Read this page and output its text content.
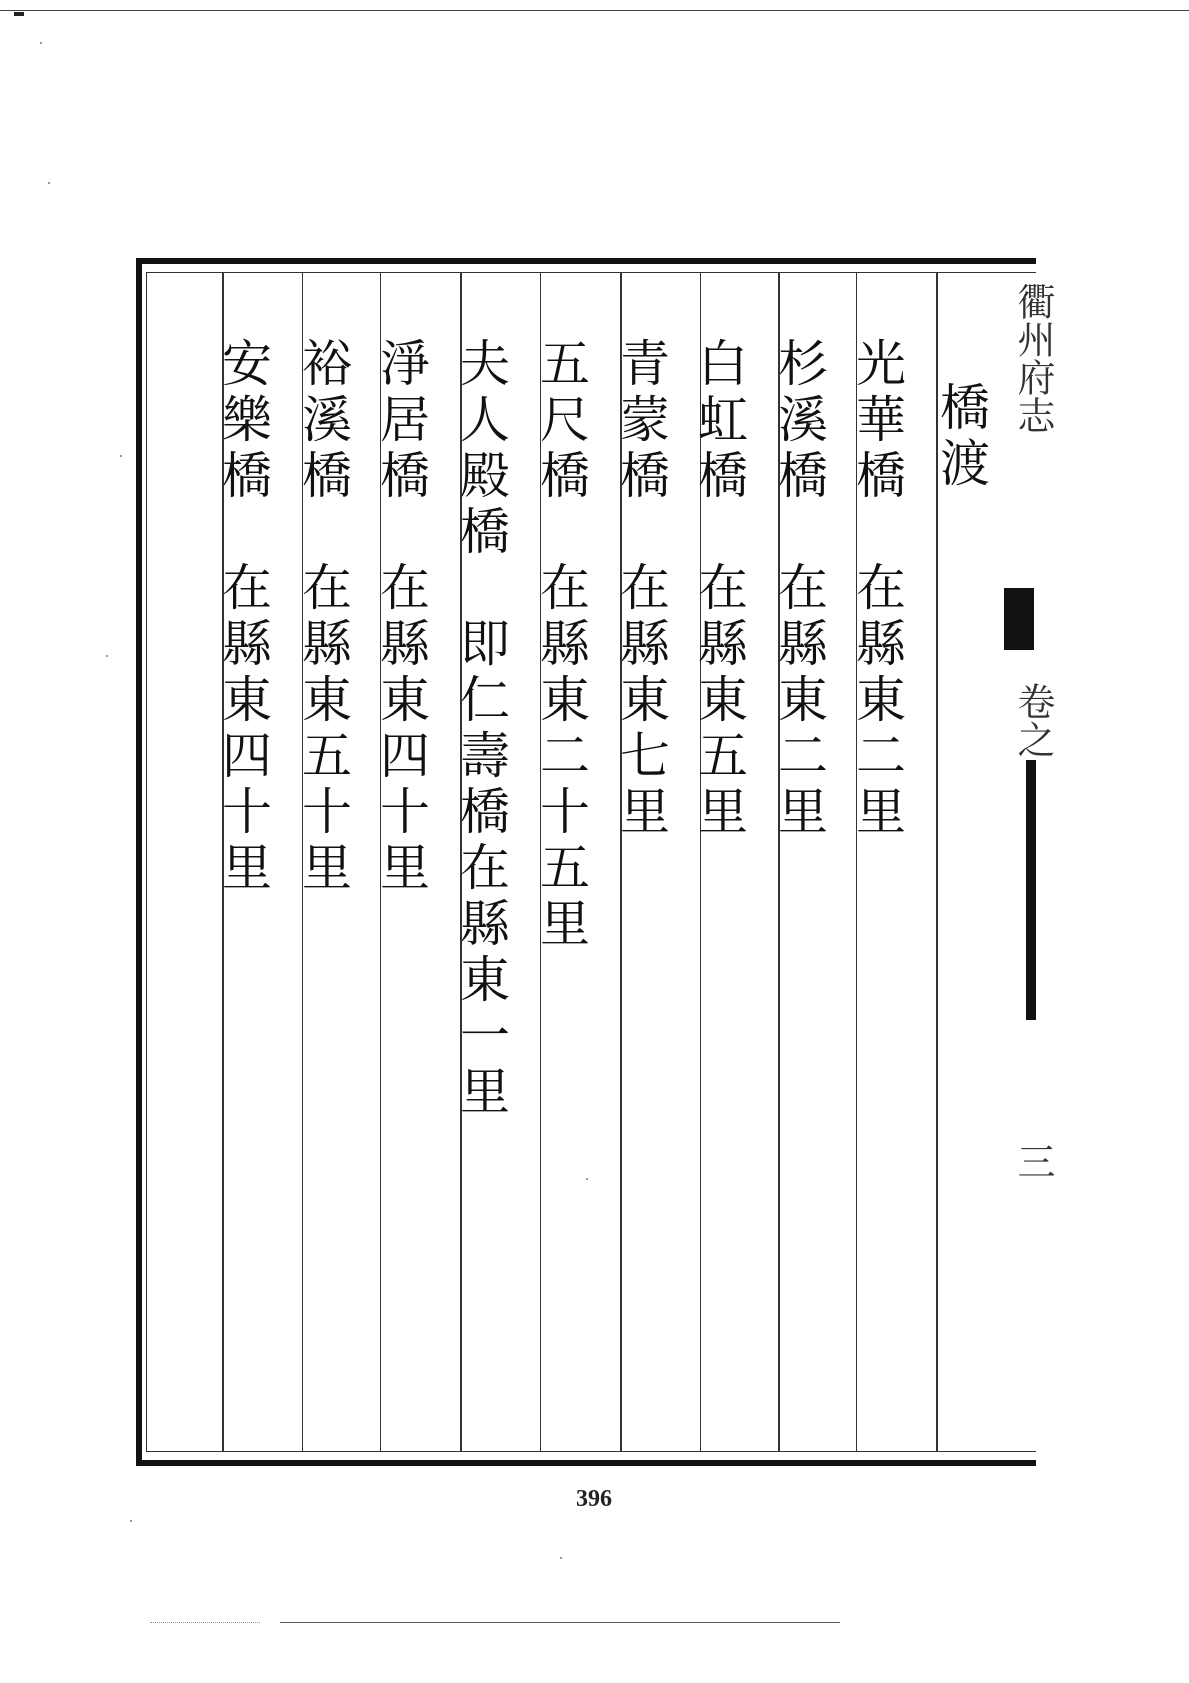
橋
渡
光
華
橋
在
縣
東
二
里
杉
溪
橋
在
縣
東
二
里
白
虹
橋
在
縣
東
五
里
青
蒙
橋
在
縣
東
七
里
五
尺
橋
在
縣
東
二
十
五
里
夫
人
殿
橋
即
仁
壽
橋
在
縣
東
一
里
淨
居
橋
在
縣
東
四
十
里
裕
溪
橋
在
縣
東
五
十
里
安
樂
橋
在
縣
東
四
十
里
衢州府志
卷之
三
396
